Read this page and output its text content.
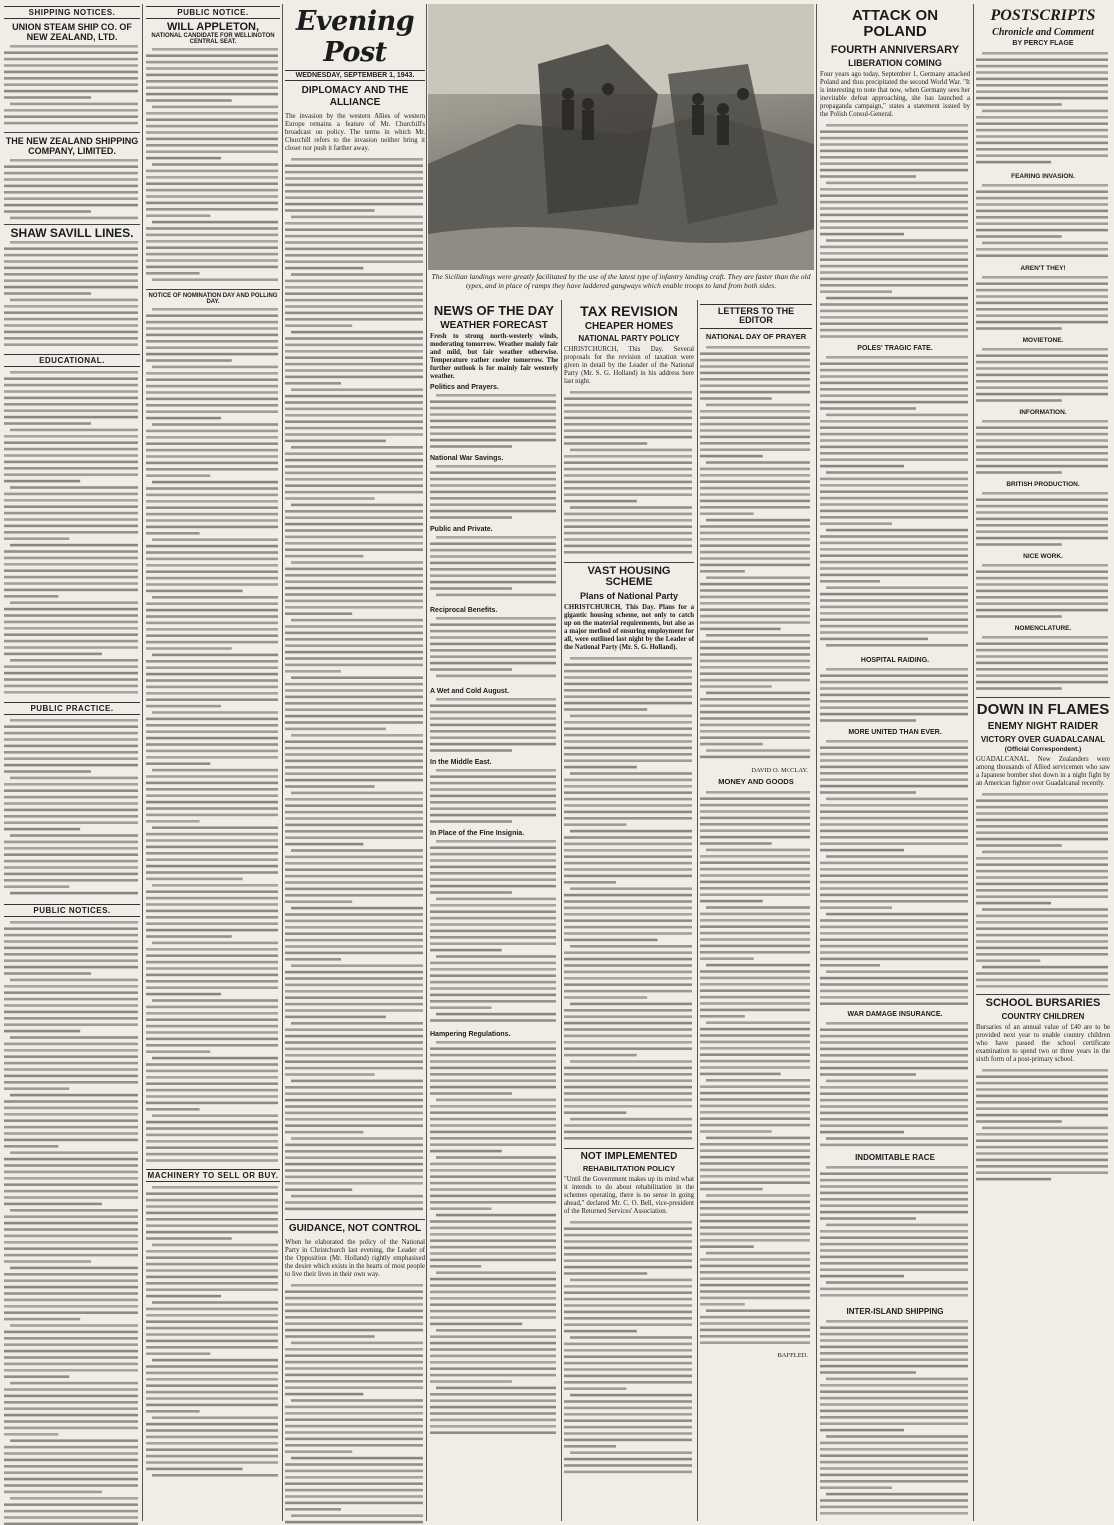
SHIPPING NOTICES.
UNION STEAM SHIP CO. OF NEW ZEALAND, LTD.
THE NEW ZEALAND SHIPPING COMPANY, LIMITED.
SHAW SAVILL LINES.
EDUCATIONAL.
PUBLIC PRACTICE.
PUBLIC NOTICES.
PUBLIC NOTICE.
WILL APPLETON,
NATIONAL CANDIDATE FOR WELLINGTON CENTRAL SEAT.
NOTICE OF NOMINATION DAY AND POLLING DAY.
MACHINERY TO SELL OR BUY.
Evening Post
WEDNESDAY, SEPTEMBER 1, 1943.
DIPLOMACY AND THE ALLIANCE

The invasion by the western Allies of western Europe remains a feature of Mr. Churchill's broadcast on policy. The terms in which Mr. Churchill refers to the invasion neither bring it closer nor push it farther away.

GUIDANCE, NOT CONTROL

When he elaborated the policy of the National Party in Christchurch last evening, the Leader of the Opposition (Mr. Holland) rightly emphasised the desire which exists in the hearts of most people to live their lives in their own way.

The Sicilian landings were greatly facilitated by the use of the latest type of infantry landing craft. They are faster than the old types, and in place of ramps they have laddered gangways which enable troops to land from both sides.
NEWS OF THE DAY
WEATHER FORECAST

Fresh to strong north-westerly winds, moderating tomorrow. Weather mainly fair and mild, but fair weather otherwise. Temperature rather cooler tomorrow. The further outlook is for mainly fair westerly weather.

Politics and Prayers.
National War Savings.
Public and Private.
Reciprocal Benefits.
A Wet and Cold August.
In the Middle East.
In Place of the Fine Insignia.
Hampering Regulations.
TAX REVISION
CHEAPER HOMES
NATIONAL PARTY POLICY

CHRISTCHURCH, This Day. Several proposals for the revision of taxation were given in detail by the Leader of the National Party (Mr. S. G. Holland) in his address here last night.

VAST HOUSING SCHEME
Plans of National Party

CHRISTCHURCH, This Day. Plans for a gigantic housing scheme, not only to catch up on the material requirements, but also as a major method of ensuring employment for all, were outlined last night by the Leader of the National Party (Mr. S. G. Holland).

NOT IMPLEMENTED
REHABILITATION POLICY

"Until the Government makes up its mind what it intends to do about rehabilitation in the schemes operating, there is no sense in going ahead," declared Mr. C. O. Bell, vice-president of the Returned Services' Association.

LETTERS TO THE EDITOR
NATIONAL DAY OF PRAYER
DAVID O. McCLAY.
MONEY AND GOODS
BAFFLED.
ATTACK ON POLAND
FOURTH ANNIVERSARY
LIBERATION COMING

Four years ago today, September 1, Germany attacked Poland and thus precipitated the second World War. "It is interesting to note that now, when Germany sees her inevitable defeat approaching, she has launched a propaganda campaign," states a statement issued by the Polish Consul-General.

POLES' TRAGIC FATE.
HOSPITAL RAIDING.
MORE UNITED THAN EVER.
WAR DAMAGE INSURANCE.
INDOMITABLE RACE
INTER-ISLAND SHIPPING
POSTSCRIPTS
Chronicle and Comment
BY PERCY FLAGE
FEARING INVASION.
AREN'T THEY!
MOVIETONE.
INFORMATION.
BRITISH PRODUCTION.
NICE WORK.
NOMENCLATURE.
DOWN IN FLAMES
ENEMY NIGHT RAIDER
VICTORY OVER GUADALCANAL
(Official Correspondent.)

GUADALCANAL. New Zealanders were among thousands of Allied servicemen who saw a Japanese bomber shot down in a night fight by an American fighter over Guadalcanal recently.

SCHOOL BURSARIES
COUNTRY CHILDREN

Bursaries of an annual value of £40 are to be provided next year to enable country children who have passed the school certificate examination to spend two or three years in the sixth form of a post-primary school.
